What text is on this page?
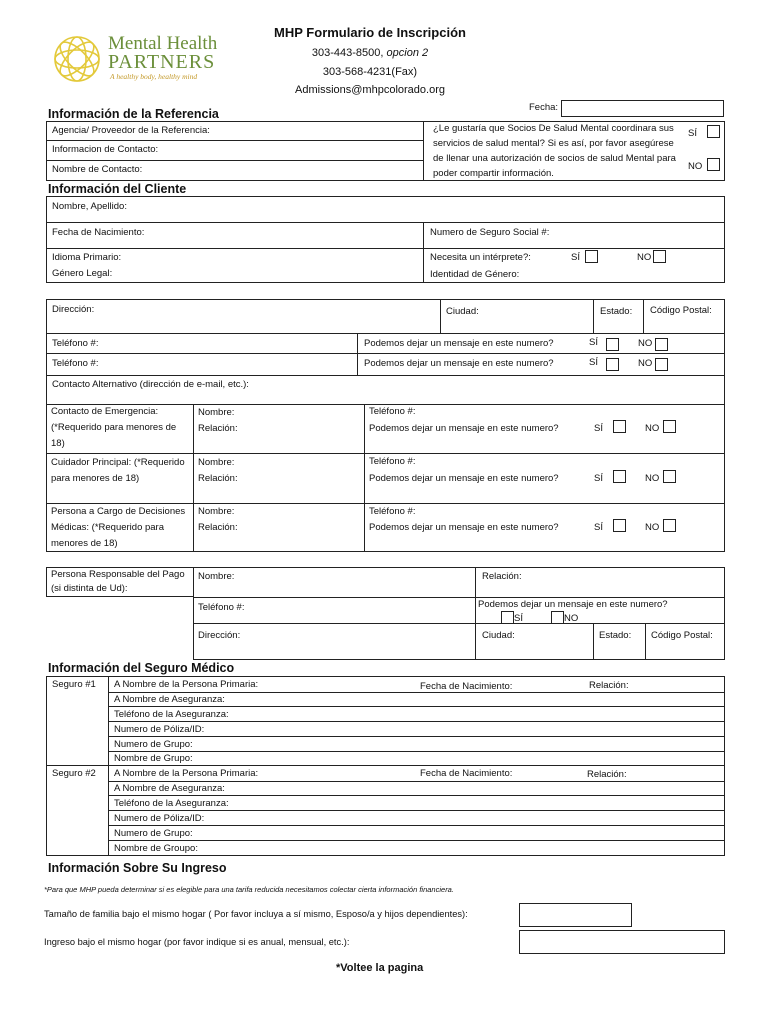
Mental Health
PARTNERS
A healthy body, healthy mind
MHP Formulario de Inscripción
303-443-8500, opcion 2
303-568-4231(Fax)
Admissions@mhpcolorado.org
Fecha:
Información de la Referencia
Agencia/ Proveedor de la Referencia:
Informacion de Contacto:
Nombre de Contacto:
¿Le gustaría que Socios De Salud Mental coordinara sus servicios de salud mental? Si es así, por favor asegúrese de llenar una autorización de socios de salud Mental para poder compartir información.
SÍ
NO
Información del Cliente
Nombre, Apellido:
Fecha de Nacimiento:	Numero de Seguro Social #:
Idioma Primario:	Necesita un intérprete?:	SÍ	NO
Género Legal:	Identidad de Género:
Dirección:	Ciudad:	Estado: Código Postal:
Teléfono #:	Podemos dejar un mensaje en este numero?	SÍ	NO
Teléfono #:	Podemos dejar un mensaje en este numero?	SÍ	NO
Contacto Alternativo (dirección de e-mail, etc.):
Contacto de Emergencia: (*Requerido para menores de 18)
Nombre:
Relación:
Teléfono #:
Podemos dejar un mensaje en este numero?	SÍ	NO
Cuidador Principal: (*Requerido para menores de 18)
Nombre:
Relación:
Teléfono #:
Podemos dejar un mensaje en este numero?	SÍ	NO
Persona a Cargo de Decisiones Médicas: (*Requerido para menores de 18)
Nombre:
Relación:
Teléfono #:
Podemos dejar un mensaje en este numero?	SÍ	NO
Persona Responsable del Pago (si distinta de Ud):
Nombre:	Relación:
Teléfono #:	Podemos dejar un mensaje en este numero?
SÍ	NO
Dirección:	Ciudad:	Estado: Código Postal:
Información del Seguro Médico
Seguro #1 A Nombre de la Persona Primaria:	Fecha de Nacimiento:	Relación:
A Nombre de Aseguranza:
Teléfono de la Aseguranza:
Numero de Póliza/ID:
Numero de Grupo:
Nombre de Grupo:
Seguro #2 A Nombre de la Persona Primaria:	Fecha de Nacimiento:	Relación:
A Nombre de Aseguranza:
Teléfono de la Aseguranza:
Numero de Póliza/ID:
Numero de Grupo:
Nombre de Groupo:
Información Sobre Su Ingreso
*Para que MHP pueda determinar si es elegible para una tarifa reducida necesitamos colectar cierta información financiera.
Tamaño de familia bajo el mismo hogar ( Por favor incluya a sí mismo, Esposo/a y hijos dependientes):
Ingreso bajo el mismo hogar (por favor indique si es anual, mensual, etc.):
*Voltee la pagina
